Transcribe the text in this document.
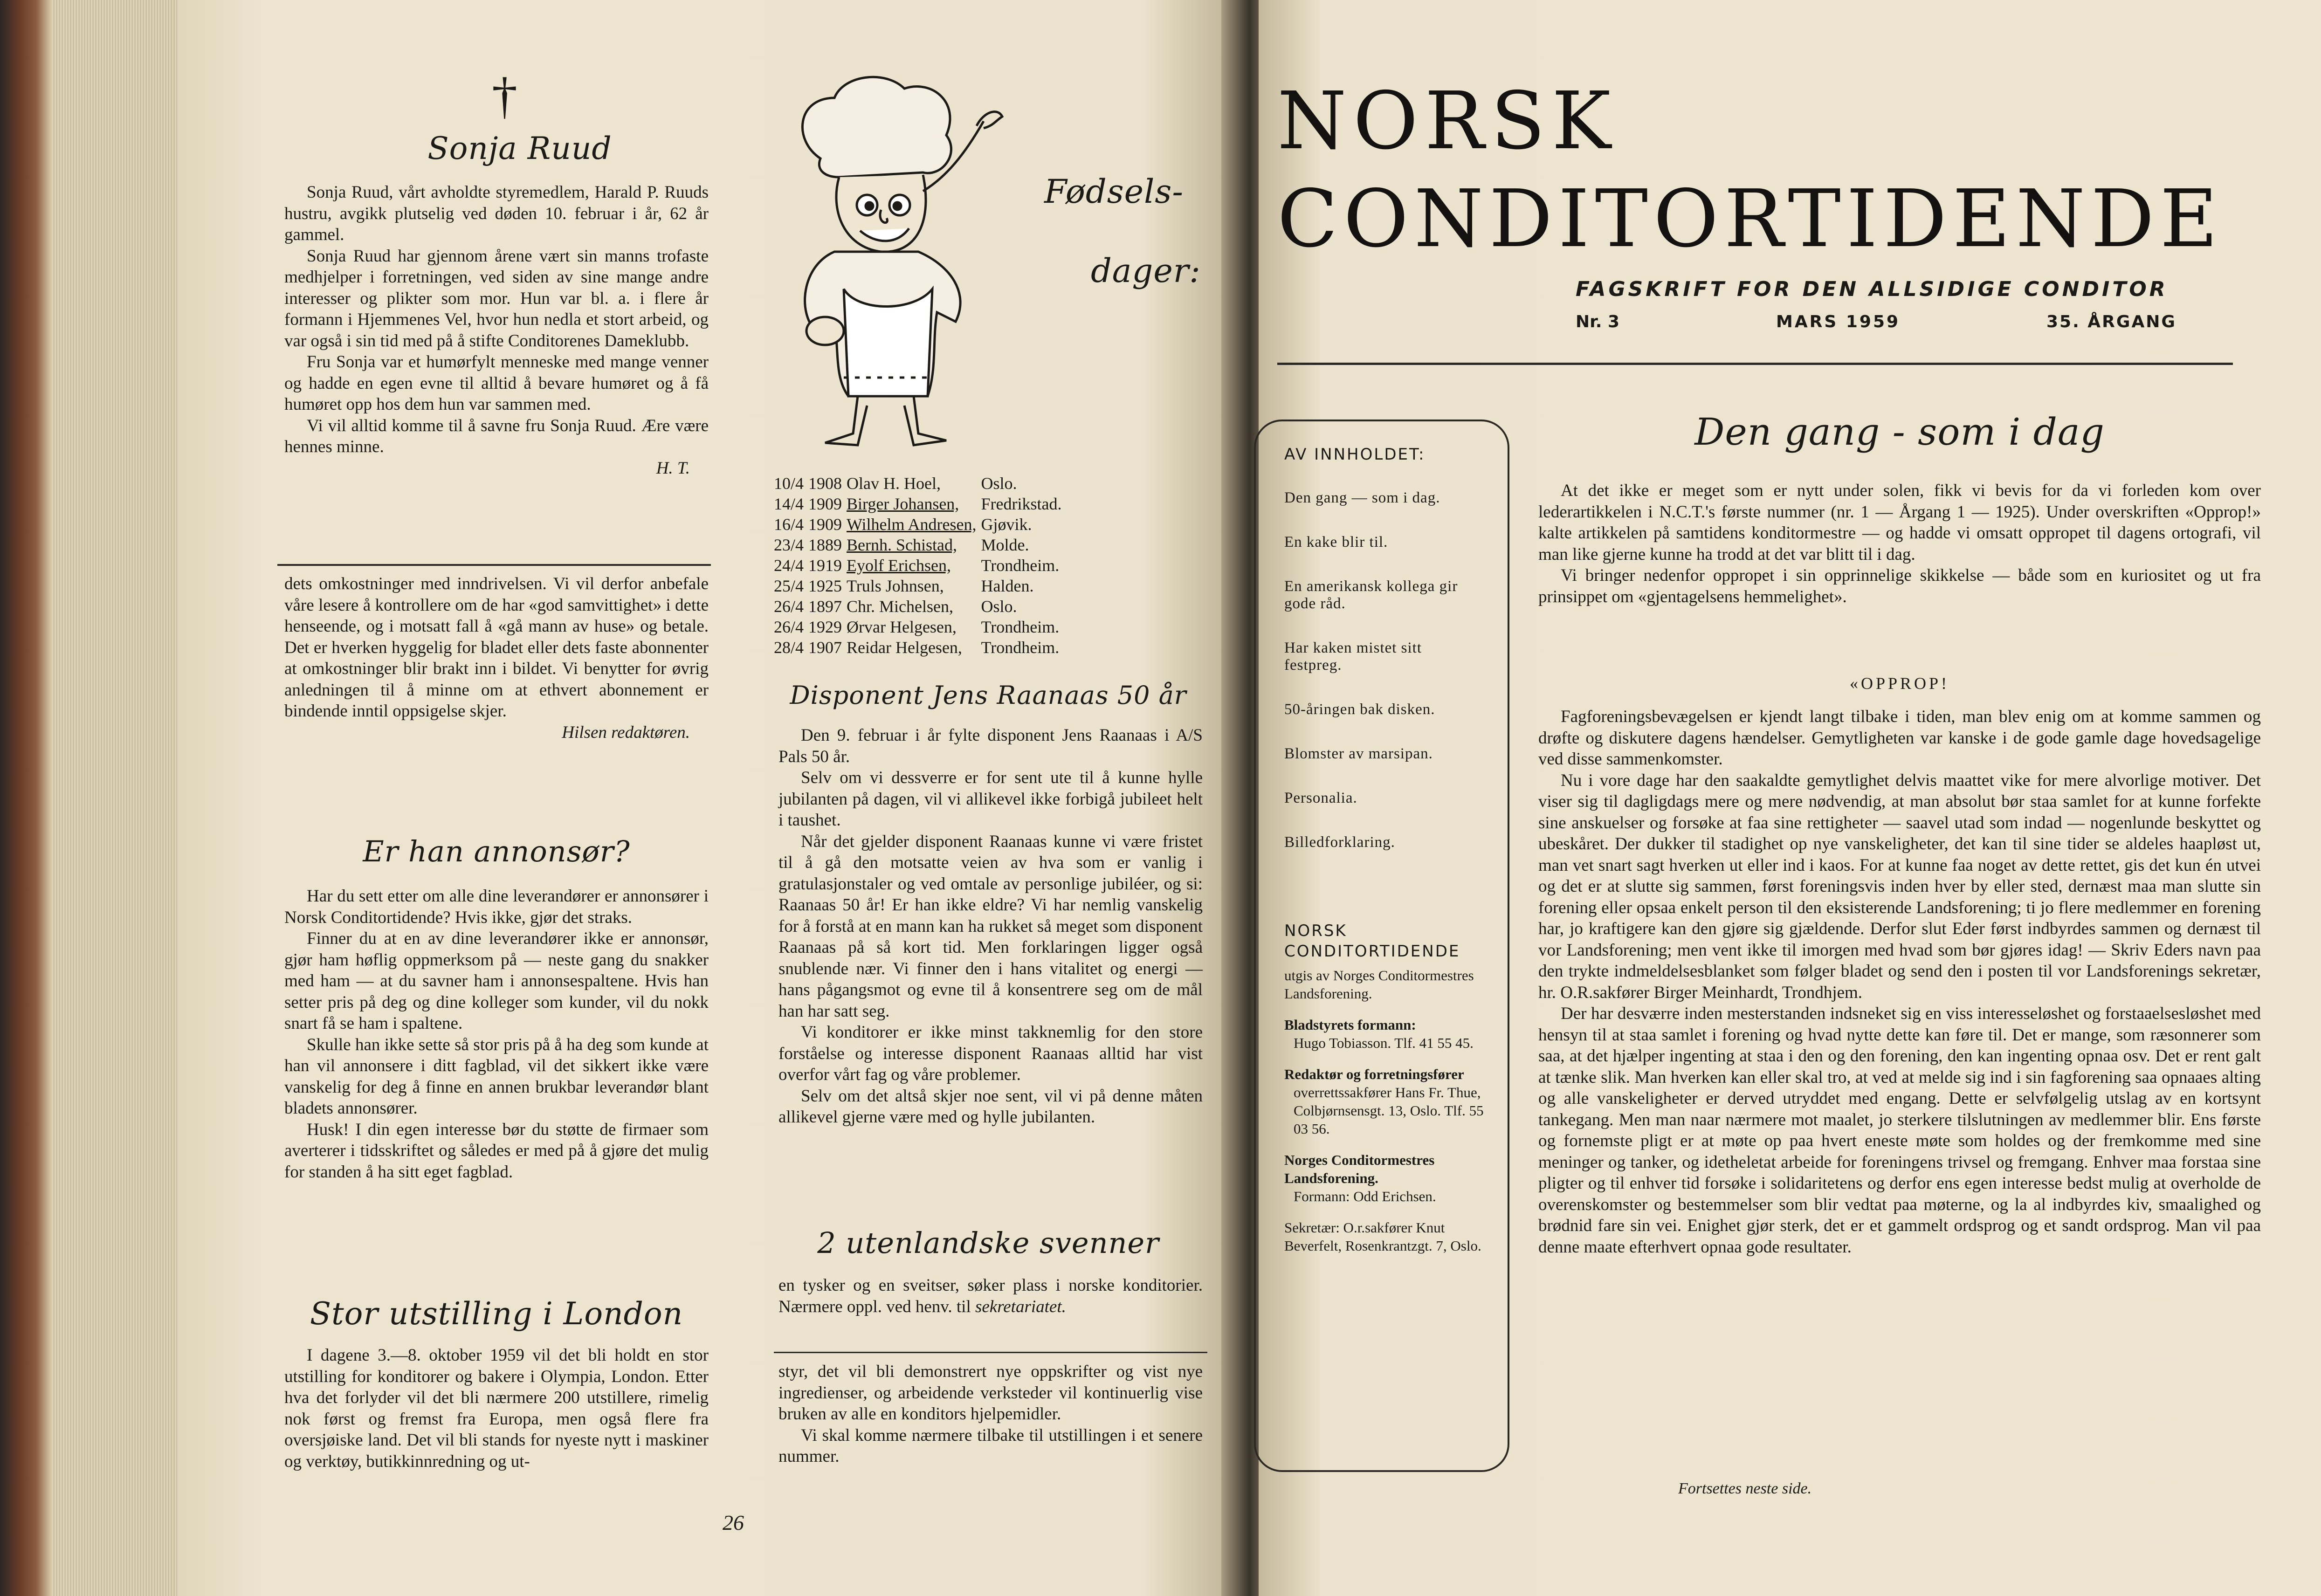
†
Sonja Ruud

Sonja Ruud, vårt avholdte styremedlem, Harald P. Ruuds hustru, avgikk plutselig ved døden 10. februar i år, 62 år gammel.

Sonja Ruud har gjennom årene vært sin manns trofaste medhjelper i forretningen, ved siden av sine mange andre interesser og plikter som mor. Hun var bl. a. i flere år formann i Hjemmenes Vel, hvor hun nedla et stort arbeid, og var også i sin tid med på å stifte Conditorenes Dameklubb.

Fru Sonja var et humørfylt menneske med mange venner og hadde en egen evne til alltid å bevare humøret og å få humøret opp hos dem hun var sammen med.

Vi vil alltid komme til å savne fru Sonja Ruud. Ære være hennes minne.

H. T.

dets omkostninger med inndrivelsen. Vi vil derfor anbefale våre lesere å kontrollere om de har «god samvittighet» i dette henseende, og i motsatt fall å «gå mann av huse» og betale. Det er hverken hyggelig for bladet eller dets faste abonnenter at omkostninger blir brakt inn i bildet. Vi benytter for øvrig anledningen til å minne om at ethvert abonnement er bindende inntil oppsigelse skjer.

Hilsen redaktøren.
Er han annonsør?

Har du sett etter om alle dine leverandører er annonsører i Norsk Conditortidende? Hvis ikke, gjør det straks.

Finner du at en av dine leverandører ikke er annonsør, gjør ham høflig oppmerksom på — neste gang du snakker med ham — at du savner ham i annonsespaltene. Hvis han setter pris på deg og dine kolleger som kunder, vil du nokk snart få se ham i spaltene.

Skulle han ikke sette så stor pris på å ha deg som kunde at han vil annonsere i ditt fagblad, vil det sikkert ikke være vanskelig for deg å finne en annen brukbar leverandør blant bladets annonsører.

Husk! I din egen interesse bør du støtte de firmaer som averterer i tidsskriftet og således er med på å gjøre det mulig for standen å ha sitt eget fagblad.

Stor utstilling i London

I dagene 3.—8. oktober 1959 vil det bli holdt en stor utstilling for konditorer og bakere i Olympia, London. Etter hva det forlyder vil det bli nærmere 200 utstillere, rimelig nok først og fremst fra Europa, men også flere fra oversjøiske land. Det vil bli stands for nyeste nytt i maskiner og verktøy, butikkinnredning og ut-

Fødsels-
dager:
10/4	1908	Olav H. Hoel,	Oslo.
14/4	1909	Birger Johansen,	Fredrikstad.
16/4	1909	Wilhelm Andresen,	Gjøvik.
23/4	1889	Bernh. Schistad,	Molde.
24/4	1919	Eyolf Erichsen,	Trondheim.
25/4	1925	Truls Johnsen,	Halden.
26/4	1897	Chr. Michelsen,	Oslo.
26/4	1929	Ørvar Helgesen,	Trondheim.
28/4	1907	Reidar Helgesen,	Trondheim.
Disponent Jens Raanaas 50 år

Den 9. februar i år fylte disponent Jens Raanaas i A/S Pals 50 år.

Selv om vi dessverre er for sent ute til å kunne hylle jubilanten på dagen, vil vi allikevel ikke forbigå jubileet helt i taushet.

Når det gjelder disponent Raanaas kunne vi være fristet til å gå den motsatte veien av hva som er vanlig i gratulasjonstaler og ved omtale av personlige jubiléer, og si: Raanaas 50 år! Er han ikke eldre? Vi har nemlig vanskelig for å forstå at en mann kan ha rukket så meget som disponent Raanaas på så kort tid. Men forklaringen ligger også snublende nær. Vi finner den i hans vitalitet og energi — hans pågangsmot og evne til å konsentrere seg om de mål han har satt seg.

Vi konditorer er ikke minst takknemlig for den store forståelse og interesse disponent Raanaas alltid har vist overfor vårt fag og våre problemer.

Selv om det altså skjer noe sent, vil vi på denne måten allikevel gjerne være med og hylle jubilanten.

2 utenlandske svenner

en tysker og en sveitser, søker plass i norske konditorier. Nærmere oppl. ved henv. til sekretariatet.

styr, det vil bli demonstrert nye oppskrifter og vist nye ingredienser, og arbeidende verksteder vil kontinuerlig vise bruken av alle en konditors hjelpemidler.

Vi skal komme nærmere tilbake til utstillingen i et senere nummer.

26
NORSK
CONDITORTIDENDE
FAGSKRIFT FOR DEN ALLSIDIGE CONDITOR
Nr. 3	MARS 1959	35. ÅRGANG
AV INNHOLDET:
Den gang — som i dag.
En kake blir til.
En amerikansk kollega gir gode råd.
Har kaken mistet sitt festpreg.
50-åringen bak disken.
Blomster av marsipan.
Personalia.
Billedforklaring.
NORSK
CONDITORTIDENDE
utgis av Norges Conditormestres Landsforening.
Bladstyrets formann:
Hugo Tobiasson. Tlf. 41 55 45.
Redaktør og forretningsfører
overrettssakfører Hans Fr. Thue, Colbjørnsensgt. 13, Oslo. Tlf. 55 03 56.
Norges Conditormestres Landsforening.
Formann: Odd Erichsen.
Sekretær: O.r.sakfører Knut Beverfelt, Rosenkrantzgt. 7, Oslo.
Den gang - som i dag

At det ikke er meget som er nytt under solen, fikk vi bevis for da vi forleden kom over lederartikkelen i N.C.T.'s første nummer (nr. 1 — Årgang 1 — 1925). Under overskriften «Opprop!» kalte artikkelen på samtidens konditormestre — og hadde vi omsatt oppropet til dagens ortografi, vil man like gjerne kunne ha trodd at det var blitt til i dag.

Vi bringer nedenfor oppropet i sin opprinnelige skikkelse — både som en kuriositet og ut fra prinsippet om «gjentagelsens hemmelighet».

«OPPROP!

Fagforeningsbevægelsen er kjendt langt tilbake i tiden, man blev enig om at komme sammen og drøfte og diskutere dagens hændelser. Gemytligheten var kanske i de gode gamle dage hovedsagelige ved disse sammenkomster.

Nu i vore dage har den saakaldte gemytlighet delvis maattet vike for mere alvorlige motiver. Det viser sig til dagligdags mere og mere nødvendig, at man absolut bør staa samlet for at kunne forfekte sine anskuelser og forsøke at faa sine rettigheter — saavel utad som indad — nogenlunde beskyttet og ubeskåret. Der dukker til stadighet op nye vanskeligheter, det kan til sine tider se aldeles haapløst ut, man vet snart sagt hverken ut eller ind i kaos. For at kunne faa noget av dette rettet, gis det kun én utvei og det er at slutte sig sammen, først foreningsvis inden hver by eller sted, dernæst maa man slutte sin forening eller opsaa enkelt person til den eksisterende Landsforening; ti jo flere medlemmer en forening har, jo kraftigere kan den gjøre sig gjældende. Derfor slut Eder først indbyrdes sammen og dernæst til vor Landsforening; men vent ikke til imorgen med hvad som bør gjøres idag! — Skriv Eders navn paa den trykte indmeldelsesblanket som følger bladet og send den i posten til vor Landsforenings sekretær, hr. O.R.sakfører Birger Meinhardt, Trondhjem.

Der har desværre inden mesterstanden indsneket sig en viss interesseløshet og forstaaelsesløshet med hensyn til at staa samlet i forening og hvad nytte dette kan føre til. Det er mange, som ræsonnerer som saa, at det hjælper ingenting at staa i den og den forening, den kan ingenting opnaa osv. Det er rent galt at tænke slik. Man hverken kan eller skal tro, at ved at melde sig ind i sin fagforening saa opnaaes alting og alle vanskeligheter er derved utryddet med engang. Dette er selvfølgelig utslag av en kortsynt tankegang. Men man naar nærmere mot maalet, jo sterkere tilslutningen av medlemmer blir. Ens første og fornemste pligt er at møte op paa hvert eneste møte som holdes og der fremkomme med sine meninger og tanker, og idetheletat arbeide for foreningens trivsel og fremgang. Enhver maa forstaa sine pligter og til enhver tid forsøke i solidaritetens og derfor ens egen interesse bedst mulig at overholde de overenskomster og bestemmelser som blir vedtat paa møterne, og la al indbyrdes kiv, smaalighed og brødnid fare sin vei. Enighet gjør sterk, det er et gammelt ordsprog og et sandt ordsprog. Man vil paa denne maate efterhvert opnaa gode resultater.

Fortsettes neste side.
